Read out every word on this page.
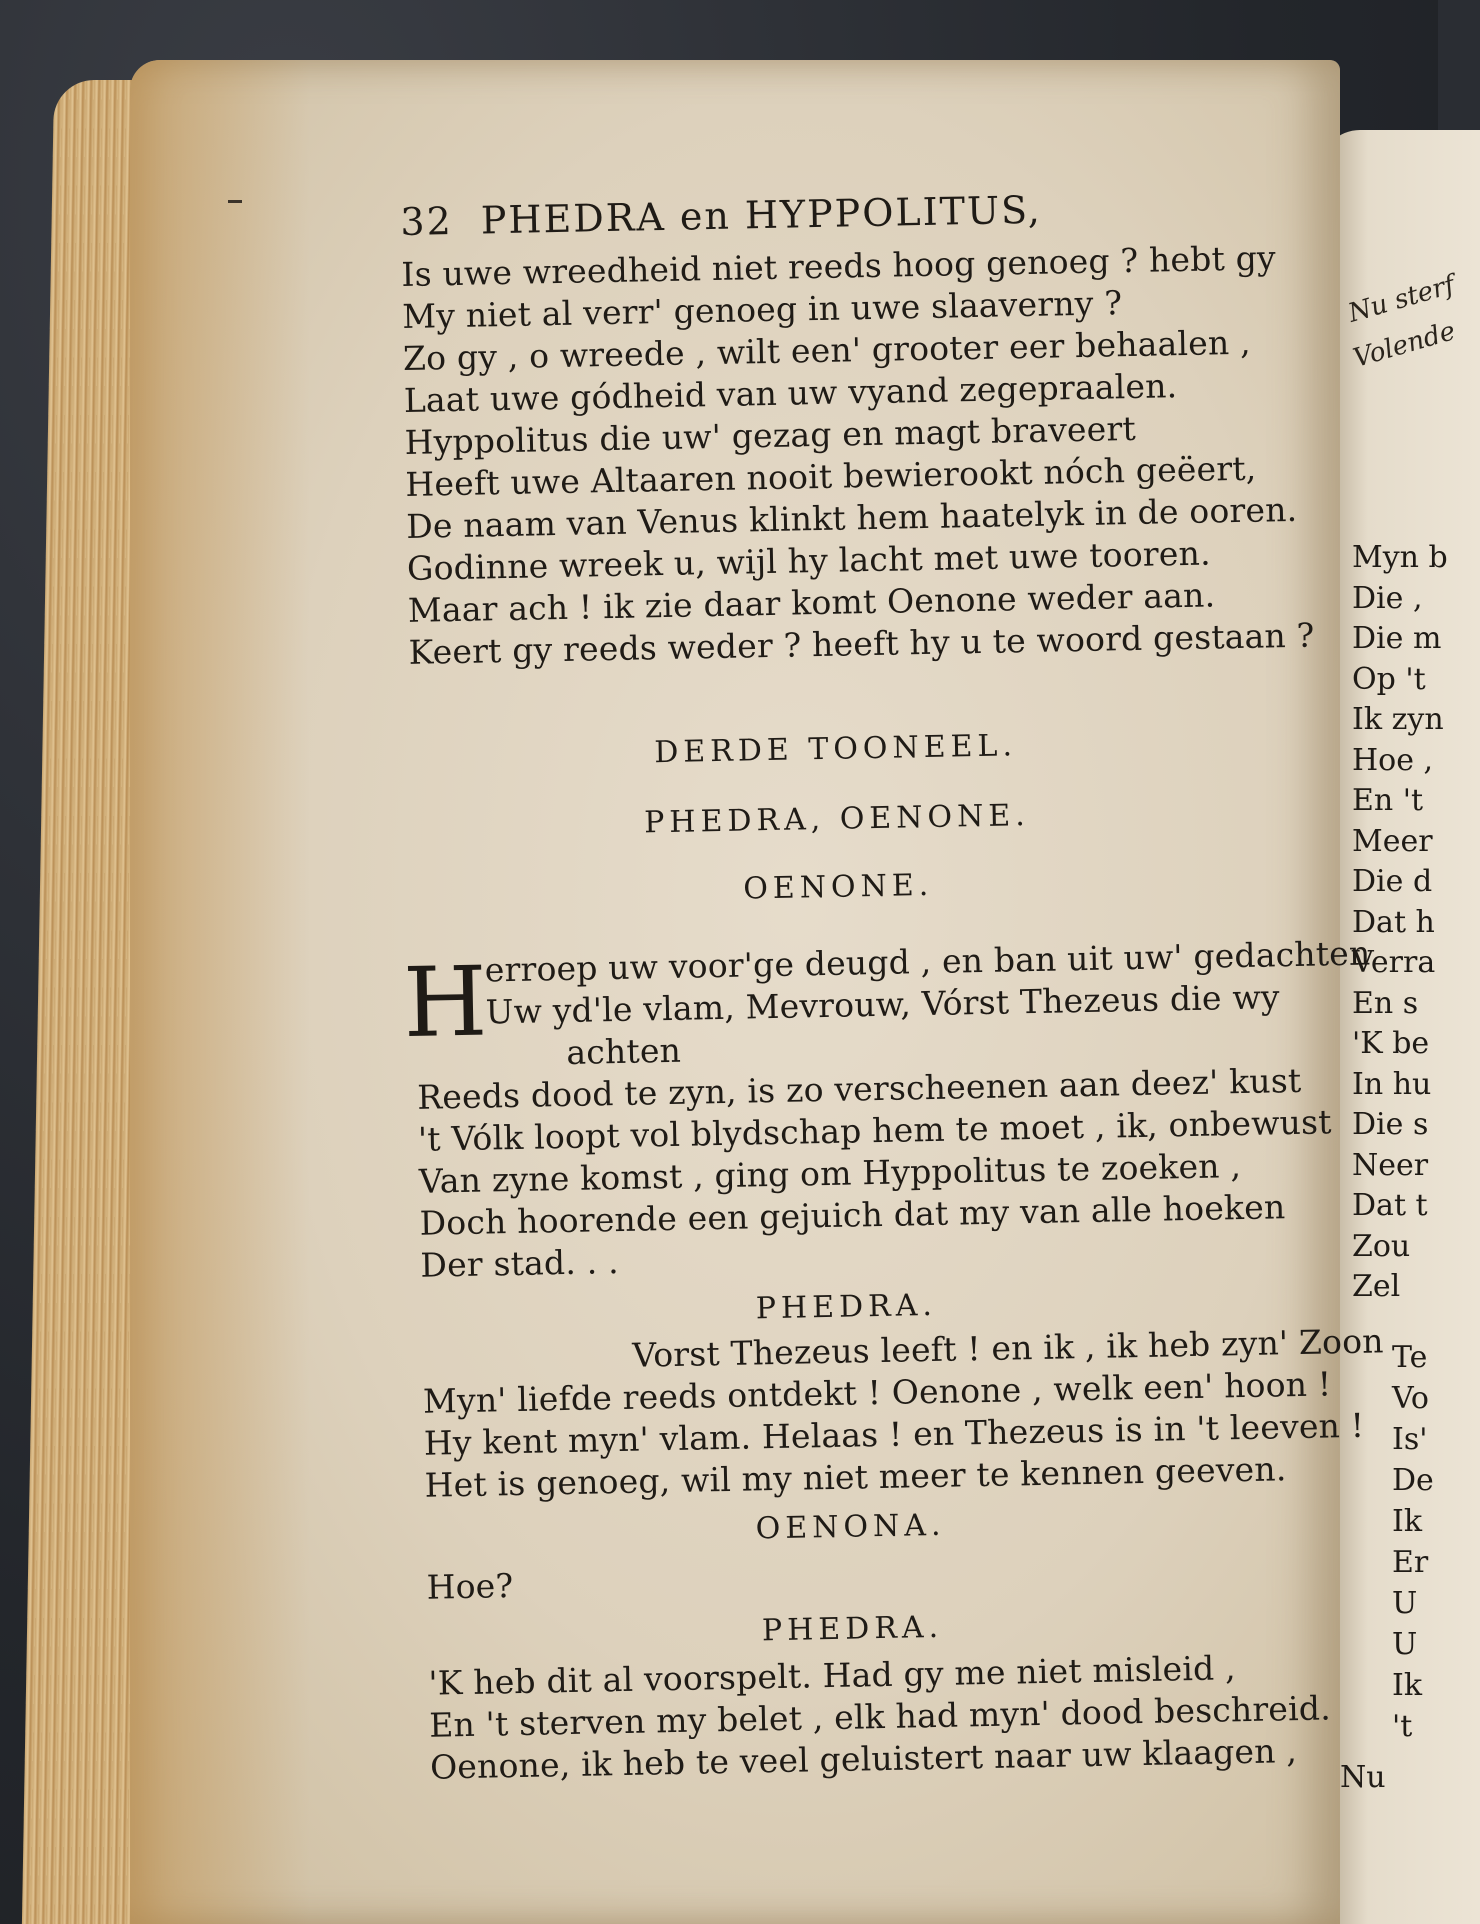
32 PHEDRA en HYPPOLITUS,
Is uwe wreedheid niet reeds hoog genoeg ? hebt gy
My niet al verr' genoeg in uwe slaaverny ?
Zo gy , o wreede , wilt een' grooter eer behaalen ,
Laat uwe gódheid van uw vyand zegepraalen.
Hyppolitus die uw' gezag en magt braveert
Heeft uwe Altaaren nooit bewierookt nóch geëert,
De naam van Venus klinkt hem haatelyk in de ooren.
Godinne wreek u, wijl hy lacht met uwe tooren.
Maar ach ! ik zie daar komt Oenone weder aan.
Keert gy reeds weder ? heeft hy u te woord gestaan ?
DERDE TOONEEL.
PHEDRA, OENONE.
OENONE.
H
erroep uw voor'ge deugd , en ban uit uw' gedachten
Uw yd'le vlam, Mevrouw, Vórst Thezeus die wy
achten
Reeds dood te zyn, is zo verscheenen aan deez' kust
't Vólk loopt vol blydschap hem te moet , ik, onbewust
Van zyne komst , ging om Hyppolitus te zoeken ,
Doch hoorende een gejuich dat my van alle hoeken
Der stad. . .
PHEDRA.
Vorst Thezeus leeft ! en ik , ik heb zyn' Zoon
Myn' liefde reeds ontdekt ! Oenone , welk een' hoon !
Hy kent myn' vlam. Helaas ! en Thezeus is in 't leeven !
Het is genoeg, wil my niet meer te kennen geeven.
OENONA.
Hoe?
PHEDRA.
'K heb dit al voorspelt. Had gy me niet misleid ,
En 't sterven my belet , elk had myn' dood beschreid.
Oenone, ik heb te veel geluistert naar uw klaagen ,
Nu sterf
Volende
Myn b
Die ,
Die m
Op 't
Ik zyn
Hoe ,
En 't
Meer
Die d
Dat h
Verra
En s
'K be
In hu
Die s
Neer
Dat t
Zou
Zel
Te
Vo
Is'
De
Ik
Er
U
U
Ik
't
Nu
